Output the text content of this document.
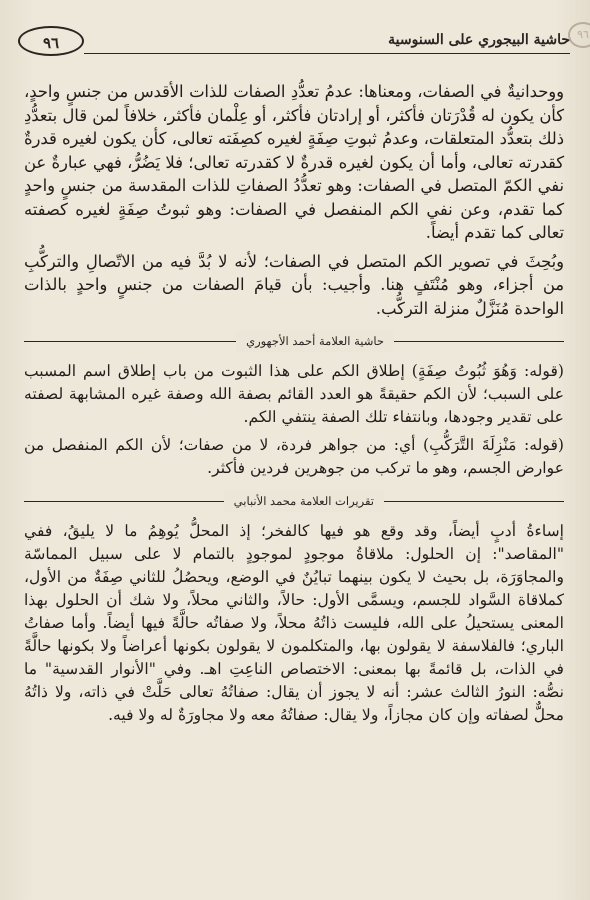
٩٦
حاشية البيجوري على السنوسية
٩٦

ووحدانيةٌ في الصفات، ومعناها: عدمُ تعدُّدِ الصفات للذات الأقدس من جنسٍ واحدٍ، كأن يكون له قُدْرَتان فأكثر، أو إرادتان فأكثر، أو عِلْمان فأكثر، خلافاً لمن قال بتعدُّدِ ذلك بتعدُّد المتعلقات، وعدمُ ثبوتِ صِفَةٍ لغيره كصِفَته تعالى، كأن يكون لغيره قدرةٌ كقدرته تعالى، وأما أن يكون لغيره قدرةٌ لا كقدرته تعالى؛ فلا يَضُرُّ، فهي عبارةٌ عن نفي الكمّ المتصل في الصفات: وهو تعدُّدُ الصفاتِ للذات المقدسة من جنسٍ واحدٍ كما تقدم، وعن نفي الكم المنفصل في الصفات: وهو ثبوتُ صِفَةٍ لغيره كصفته تعالى كما تقدم أيضاً.

وبُحِثَ في تصوير الكم المتصل في الصفات؛ لأنه لا بُدَّ فيه من الاتّصالِ والتركُّبِ من أجزاء، وهو مُنْتَفٍ هنا. وأجيب: بأن قيامَ الصفات من جنسٍ واحدٍ بالذات الواحدة مُنَزَّلٌ منزلة التركُّب.

حاشية العلامة أحمد الأجهوري

(قوله: وَهُوَ ثُبُوتُ صِفَةٍ) إطلاق الكم على هذا الثبوت من باب إطلاق اسم المسبب على السبب؛ لأن الكم حقيقةً هو العدد القائم بصفة الله وصفة غيره المشابهة لصفته على تقدير وجودها، وبانتفاء تلك الصفة ينتفي الكم.

(قوله: مَنْزِلَةَ التَّرَكُّبِ) أي: من جواهر فردة، لا من صفات؛ لأن الكم المنفصل من عوارض الجسم، وهو ما تركب من جوهرين فردين فأكثر.

تقريرات العلامة محمد الأنبابي

إساءةُ أدبٍ أيضاً، وقد وقع هو فيها كالفخر؛ إذ المحلُّ يُوهِمُ ما لا يليقُ، ففي "المقاصد": إن الحلول: ملاقاةُ موجودٍ لموجودٍ بالتمام لا على سبيل المماسّة والمجاوَرَة، بل بحيث لا يكون بينهما تبايُنٌ في الوضع، ويحصُلُ للثاني صِفَةٌ من الأول، كملاقاة السَّواد للجسم، ويسمَّى الأول: حالاً، والثاني محلاً، ولا شك أن الحلول بهذا المعنى يستحيلُ على الله، فليست ذاتُهُ محلاً، ولا صفاتُه حالَّةً فيها أيضاً. وأما صفاتُ الباري؛ فالفلاسفة لا يقولون بها، والمتكلمون لا يقولون بكونها أعراضاً ولا بكونها حالَّةً في الذات، بل قائمةً بها بمعنى: الاختصاص الناعِتِ اهـ. وفي "الأنوار القدسية" ما نصُّه: النورُ الثالث عشر: أنه لا يجوز أن يقال: صفاتُهُ تعالى حَلَّتْ في ذاته، ولا ذاتُهُ محلٌّ لصفاته وإن كان مجازاً، ولا يقال: صفاتُهُ معه ولا مجاورَةٌ له ولا فيه.
